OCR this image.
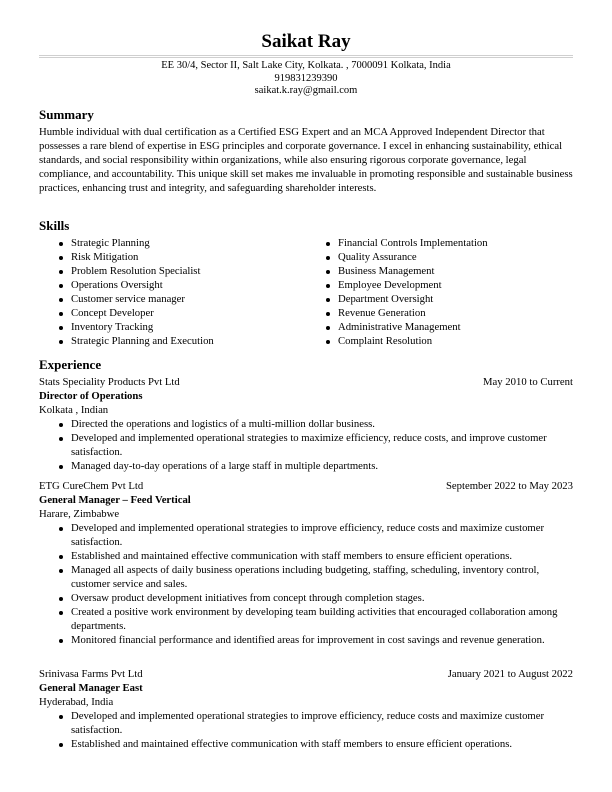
Saikat Ray
EE 30/4, Sector II, Salt Lake City, Kolkata. , 7000091 Kolkata, India
919831239390
saikat.k.ray@gmail.com
Summary
Humble individual with dual certification as a Certified ESG Expert and an MCA Approved Independent Director that possesses a rare blend of expertise in ESG principles and corporate governance. I excel in enhancing sustainability, ethical standards, and social responsibility within organizations, while also ensuring rigorous corporate governance, legal compliance, and accountability. This unique skill set makes me invaluable in promoting responsible and sustainable business practices, enhancing trust and integrity, and safeguarding shareholder interests.
Skills
Strategic Planning
Risk Mitigation
Problem Resolution Specialist
Operations Oversight
Customer service manager
Concept Developer
Inventory Tracking
Strategic Planning and Execution
Financial Controls Implementation
Quality Assurance
Business Management
Employee Development
Department Oversight
Revenue Generation
Administrative Management
Complaint Resolution
Experience
Stats Speciality Products Pvt Ltd	May 2010 to Current
Director of Operations
Kolkata , Indian
Directed the operations and logistics of a multi-million dollar business.
Developed and implemented operational strategies to maximize efficiency, reduce costs, and improve customer satisfaction.
Managed day-to-day operations of a large staff in multiple departments.
ETG CureChem Pvt Ltd	September 2022 to May 2023
General Manager – Feed Vertical
Harare, Zimbabwe
Developed and implemented operational strategies to improve efficiency, reduce costs and maximize customer satisfaction.
Established and maintained effective communication with staff members to ensure efficient operations.
Managed all aspects of daily business operations including budgeting, staffing, scheduling, inventory control, customer service and sales.
Oversaw product development initiatives from concept through completion stages.
Created a positive work environment by developing team building activities that encouraged collaboration among departments.
Monitored financial performance and identified areas for improvement in cost savings and revenue generation.
Srinivasa Farms Pvt Ltd	January 2021 to August 2022
General Manager East
Hyderabad, India
Developed and implemented operational strategies to improve efficiency, reduce costs and maximize customer satisfaction.
Established and maintained effective communication with staff members to ensure efficient operations.
